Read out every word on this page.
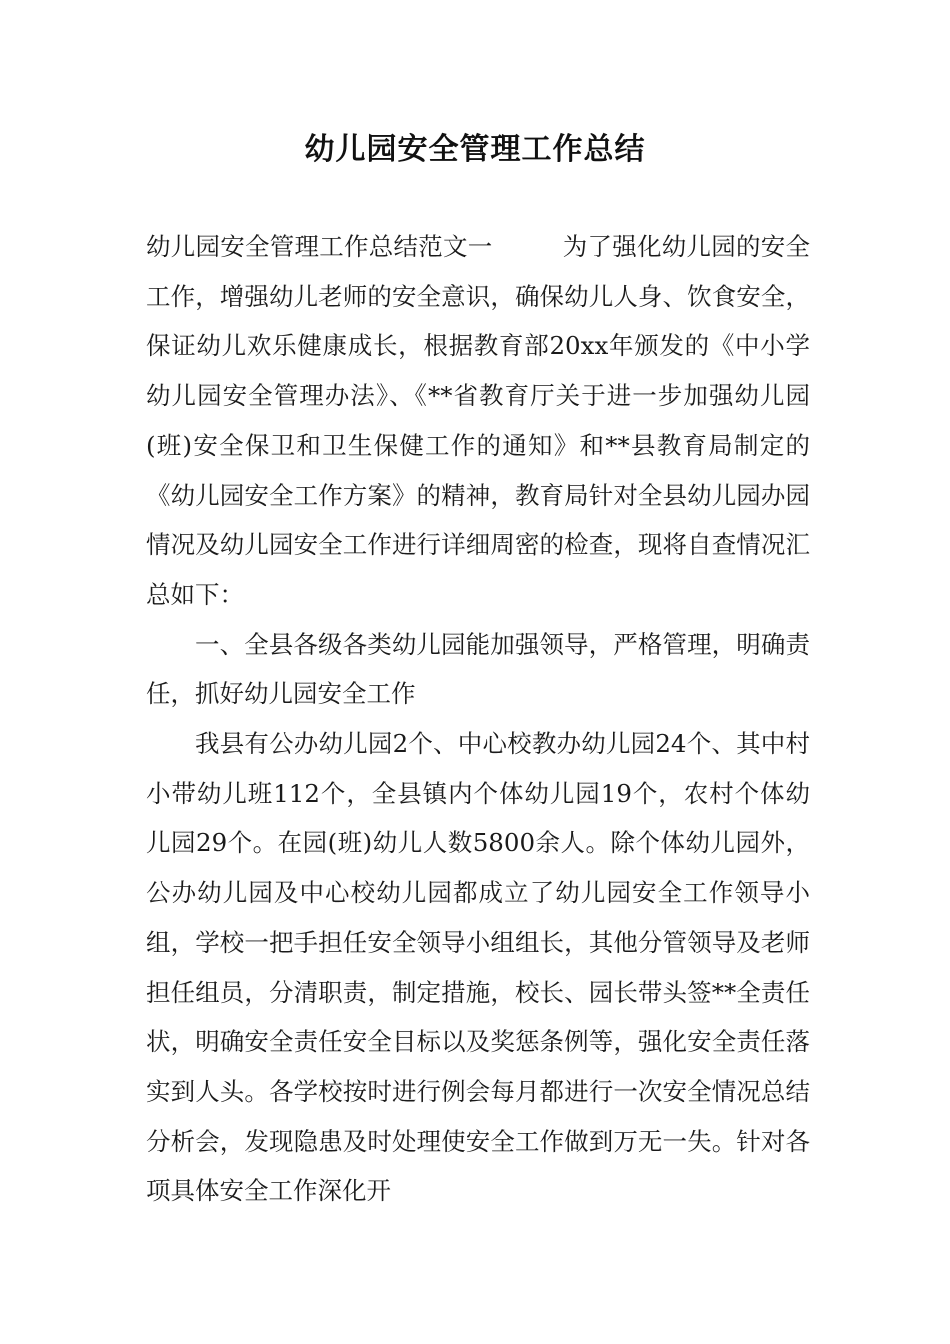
幼儿园安全管理工作总结

幼儿园安全管理工作总结范文一	为了强化幼儿园的安全工作，增强幼儿老师的安全意识，确保幼儿人身、饮食安全，保证幼儿欢乐健康成长，根据教育部20xx年颁发的《中小学幼儿园安全管理办法》、《**省教育厅关于进一步加强幼儿园(班)安全保卫和卫生保健工作的通知》和**县教育局制定的《幼儿园安全工作方案》的精神，教育局针对全县幼儿园办园情况及幼儿园安全工作进行详细周密的检查，现将自查情况汇总如下：

一、全县各级各类幼儿园能加强领导，严格管理，明确责任，抓好幼儿园安全工作

我县有公办幼儿园2个、中心校教办幼儿园24个、其中村小带幼儿班112个，全县镇内个体幼儿园19个，农村个体幼儿园29个。在园(班)幼儿人数5800余人。除个体幼儿园外，公办幼儿园及中心校幼儿园都成立了幼儿园安全工作领导小组，学校一把手担任安全领导小组组长，其他分管领导及老师担任组员，分清职责，制定措施，校长、园长带头签**全责任状，明确安全责任安全目标以及奖惩条例等，强化安全责任落实到人头。各学校按时进行例会每月都进行一次安全情况总结分析会，发现隐患及时处理使安全工作做到万无一失。针对各项具体安全工作深化开
